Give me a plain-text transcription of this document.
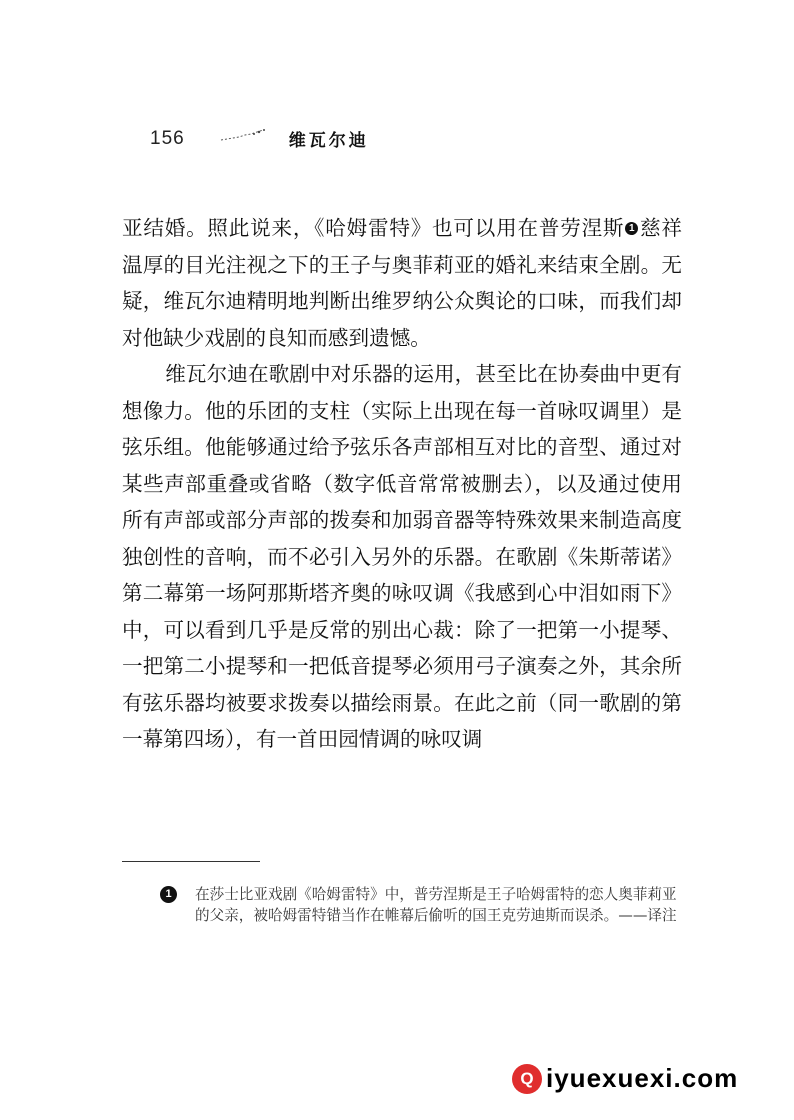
156	维瓦尔迪

亚结婚。照此说来，《哈姆雷特》也可以用在普劳涅斯 1 慈祥温厚的目光注视之下的王子与奥菲莉亚的婚礼来结束全剧。无疑，维瓦尔迪精明地判断出维罗纳公众舆论的口味，而我们却对他缺少戏剧的良知而感到遗憾。

维瓦尔迪在歌剧中对乐器的运用，甚至比在协奏曲中更有想像力。他的乐团的支柱（实际上出现在每一首咏叹调里）是弦乐组。他能够通过给予弦乐各声部相互对比的音型、通过对某些声部重叠或省略（数字低音常常被删去），以及通过使用所有声部或部分声部的拨奏和加弱音器等特殊效果来制造高度独创性的音响，而不必引入另外的乐器。在歌剧《朱斯蒂诺》第二幕第一场阿那斯塔齐奥的咏叹调《我感到心中泪如雨下》中，可以看到几乎是反常的别出心裁：除了一把第一小提琴、一把第二小提琴和一把低音提琴必须用弓子演奏之外，其余所有弦乐器均被要求拨奏以描绘雨景。在此之前（同一歌剧的第一幕第四场），有一首田园情调的咏叹调

1	在莎士比亚戏剧《哈姆雷特》中，普劳涅斯是王子哈姆雷特的恋人奥菲莉亚的父亲，被哈姆雷特错当作在帷幕后偷听的国王克劳迪斯而误杀。——译注
Q iyuexuexi.com
